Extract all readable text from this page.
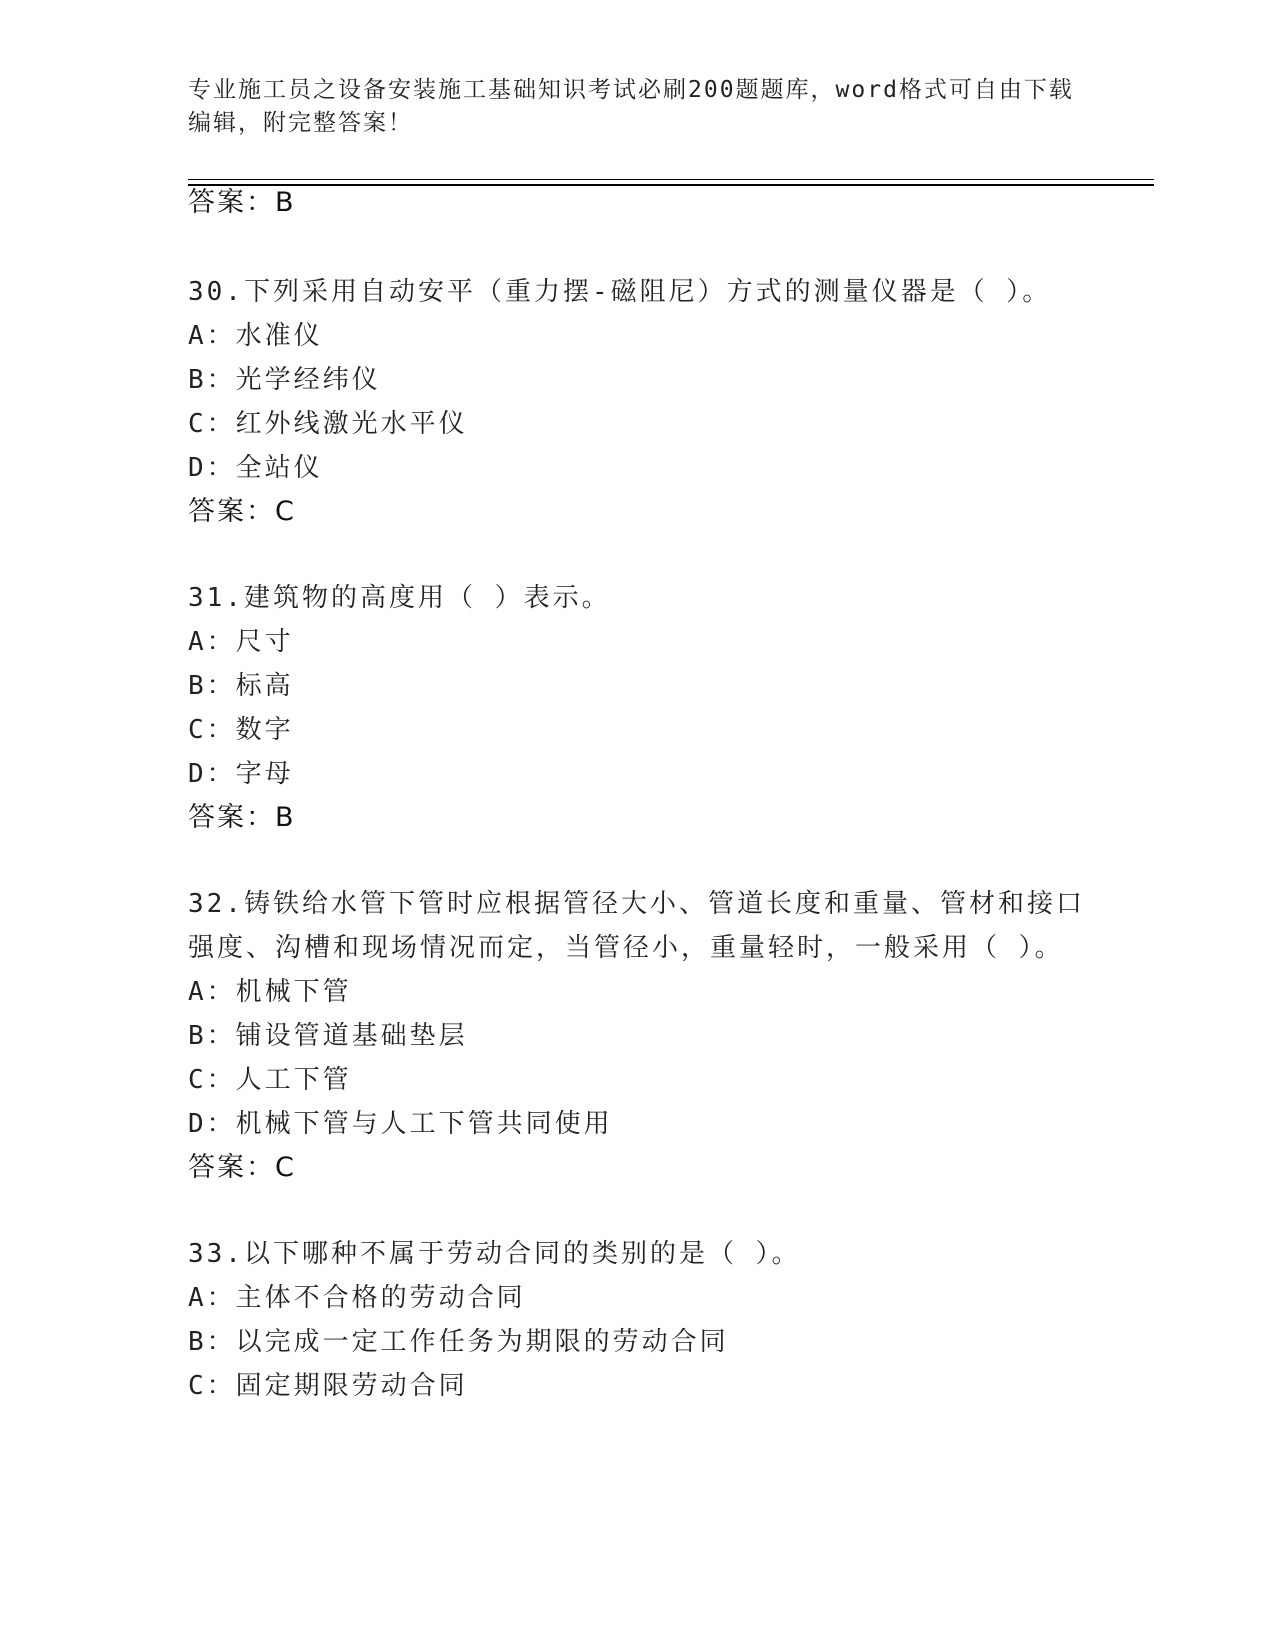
专业施工员之设备安装施工基础知识考试必刷200题题库，word格式可自由下载
编辑，附完整答案！
答案：B
30.下列采用自动安平（重力摆-磁阻尼）方式的测量仪器是（ ）。
A：水准仪
B：光学经纬仪
C：红外线激光水平仪
D：全站仪
答案：C
31.建筑物的高度用（ ）表示。
A：尺寸
B：标高
C：数字
D：字母
答案：B
32.铸铁给水管下管时应根据管径大小、管道长度和重量、管材和接口
强度、沟槽和现场情况而定，当管径小，重量轻时，一般采用（ ）。
A：机械下管
B：铺设管道基础垫层
C：人工下管
D：机械下管与人工下管共同使用
答案：C
33.以下哪种不属于劳动合同的类别的是（ ）。
A：主体不合格的劳动合同
B：以完成一定工作任务为期限的劳动合同
C：固定期限劳动合同
